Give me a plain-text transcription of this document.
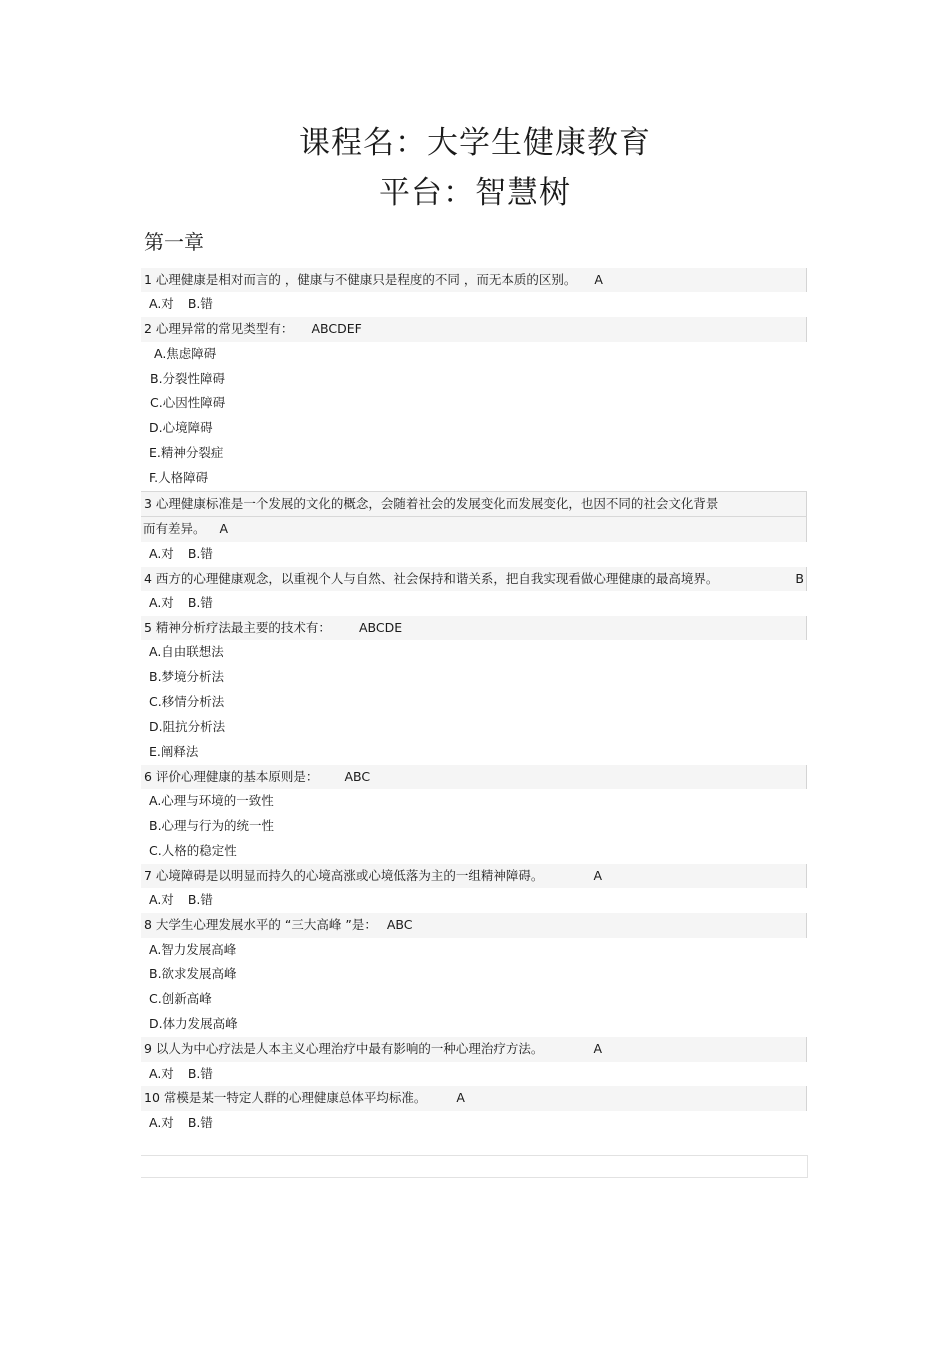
课程名：大学生健康教育
平台：智慧树
第一章
1 心理健康是相对而言的 ，健康与不健康只是程度的不同 ，而无本质的区别。 A
A.对 B.错
2 心理异常的常见类型有： ABCDEF
A.焦虑障碍
B.分裂性障碍
C.心因性障碍
D.心境障碍
E.精神分裂症
F.人格障碍
3 心理健康标准是一个发展的文化的概念，会随着社会的发展变化而发展变化，也因不同的社会文化背景
而有差异。 A
A.对 B.错
4 西方的心理健康观念，以重视个人与自然、社会保持和谐关系，把自我实现看做心理健康的最高境界。	B
A.对 B.错
5 精神分析疗法最主要的技术有： ABCDE
A.自由联想法
B.梦境分析法
C.移情分析法
D.阻抗分析法
E.阐释法
6 评价心理健康的基本原则是： ABC
A.心理与环境的一致性
B.心理与行为的统一性
C.人格的稳定性
7 心境障碍是以明显而持久的心境高涨或心境低落为主的一组精神障碍。	A
A.对 B.错
8 大学生心理发展水平的 “三大高峰 ”是： ABC
A.智力发展高峰
B.欲求发展高峰
C.创新高峰
D.体力发展高峰
9 以人为中心疗法是人本主义心理治疗中最有影响的一种心理治疗方法。	A
A.对 B.错
10 常模是某一特定人群的心理健康总体平均标准。 A
A.对 B.错
